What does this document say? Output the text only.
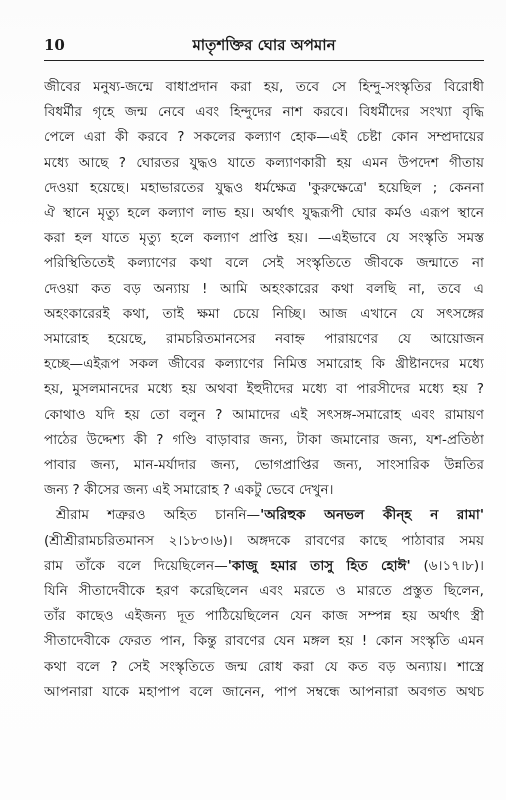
10	মাতৃশক্তির ঘোর অপমান
জীবের মনুষ্য-জন্মে বাধাপ্রদান করা হয়, তবে সে হিন্দু-সংস্কৃতির বিরোধী
বিধর্মীর গৃহে জন্ম নেবে এবং হিন্দুদের নাশ করবে। বিধর্মীদের সংখ্যা বৃদ্ধি
পেলে এরা কী করবে ? সকলের কল্যাণ হোক—এই চেষ্টা কোন সম্প্রদায়ের
মধ্যে আছে ? ঘোরতর যুদ্ধও যাতে কল্যাণকারী হয় এমন উপদেশ গীতায়
দেওয়া হয়েছে। মহাভারতের যুদ্ধও ধর্মক্ষেত্র 'কুরুক্ষেত্রে' হয়েছিল ; কেননা
ঐ স্থানে মৃত্যু হলে কল্যাণ লাভ হয়। অর্থাৎ যুদ্ধরূপী ঘোর কর্মও এরূপ স্থানে
করা হল যাতে মৃত্যু হলে কল্যাণ প্রাপ্তি হয়। —এইভাবে যে সংস্কৃতি সমস্ত
পরিস্থিতিতেই কল্যাণের কথা বলে সেই সংস্কৃতিতে জীবকে জন্মাতে না
দেওয়া কত বড় অন্যায় ! আমি অহংকারের কথা বলছি না, তবে এ
অহংকারেরই কথা, তাই ক্ষমা চেয়ে নিচ্ছি। আজ এখানে যে সৎসঙ্গের
সমারোহ হয়েছে, রামচরিতমানসের নবাহ্ন পারায়ণের যে আয়োজন
হচ্ছে—এইরূপ সকল জীবের কল্যাণের নিমিত্ত সমারোহ কি খ্রীষ্টানদের মধ্যে
হয়, মুসলমানদের মধ্যে হয় অথবা ইহুদীদের মধ্যে বা পারসীদের মধ্যে হয় ?
কোথাও যদি হয় তো বলুন ? আমাদের এই সৎসঙ্গ-সমারোহ এবং রামায়ণ
পাঠের উদ্দেশ্য কী ? গণ্ডি বাড়াবার জন্য, টাকা জমানোর জন্য, যশ-প্রতিষ্ঠা
পাবার জন্য, মান-মর্যাদার জন্য, ভোগপ্রাপ্তির জন্য, সাংসারিক উন্নতির
জন্য ? কীসের জন্য এই সমারোহ ? একটু ভেবে দেখুন।
শ্রীরাম শত্রুরও অহিত চাননি—'অরিহুক অনভল কীন্হ ন রামা'
(শ্রীশ্রীরামচরিতমানস ২।১৮৩।৬)। অঙ্গদকে রাবণের কাছে পাঠাবার সময়
রাম তাঁকে বলে দিয়েছিলেন—'কাজু হমার তাসু হিত হোঈ' (৬।১৭।৮)।
যিনি সীতাদেবীকে হরণ করেছিলেন এবং মরতে ও মারতে প্রস্তুত ছিলেন,
তাঁর কাছেও এইজন্য দূত পাঠিয়েছিলেন যেন কাজ সম্পন্ন হয় অর্থাৎ স্ত্রী
সীতাদেবীকে ফেরত পান, কিন্তু রাবণের যেন মঙ্গল হয় ! কোন সংস্কৃতি এমন
কথা বলে ? সেই সংস্কৃতিতে জন্ম রোধ করা যে কত বড় অন্যায়। শাস্ত্রে
আপনারা যাকে মহাপাপ বলে জানেন, পাপ সম্বন্ধে আপনারা অবগত অথচ
